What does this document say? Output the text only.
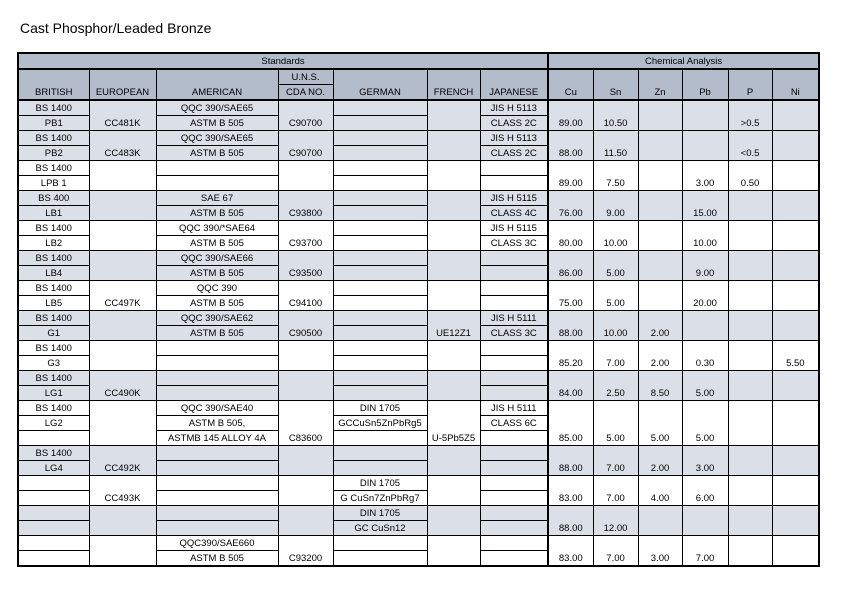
Cast Phosphor/Leaded Bronze
Standards							Chemical Analysis					
			U.N.S.									
BRITISH	EUROPEAN	AMERICAN	CDA NO.	GERMAN	FRENCH	JAPANESE	Cu	Sn	Zn	Pb	P	Ni
BS 1400	CC481K	QQC 390/SAE65	C90700			JIS H 5113	89.00	10.50			>0.5	
PB1		ASTM B 505				CLASS 2C						
BS 1400	CC483K	QQC 390/SAE65	C90700			JIS H 5113	88.00	11.50			<0.5	
PB2		ASTM B 505				CLASS 2C						
BS 1400							89.00	7.50		3.00	0.50	
LPB 1												
BS 400		SAE 67	C93800			JIS H 5115	76.00	9.00		15.00		
LB1		ASTM B 505				CLASS 4C						
BS 1400		QQC 390/*SAE64	C93700			JIS H 5115	80.00	10.00		10.00		
LB2		ASTM B 505				CLASS 3C						
BS 1400		QQC 390/SAE66	C93500				86.00	5.00		9.00		
LB4		ASTM B 505										
BS 1400	CC497K	QQC 390	C94100				75.00	5.00		20.00		
LB5		ASTM B 505										
BS 1400		QQC 390/SAE62	C90500		UE12Z1	JIS H 5111	88.00	10.00	2.00			
G1		ASTM B 505				CLASS 3C						
BS 1400							85.20	7.00	2.00	0.30		5.50
G3												
BS 1400	CC490K						84.00	2.50	8.50	5.00		
LG1												
BS 1400		QQC 390/SAE40	C83600	DIN 1705	U-5Pb5Z5	JIS H 5111	85.00	5.00	5.00	5.00		
LG2		ASTM B 505,		GCCuSn5ZnPbRg5		CLASS 6C						
		ASTMB 145 ALLOY 4A										
BS 1400	CC492K						88.00	7.00	2.00	3.00		
LG4												
	CC493K			DIN 1705			83.00	7.00	4.00	6.00		
				G CuSn7ZnPbRg7								
				DIN 1705			88.00	12.00				
				GC CuSn12								
		QQC390/SAE660	C93200				83.00	7.00	3.00	7.00		
		ASTM B 505										
